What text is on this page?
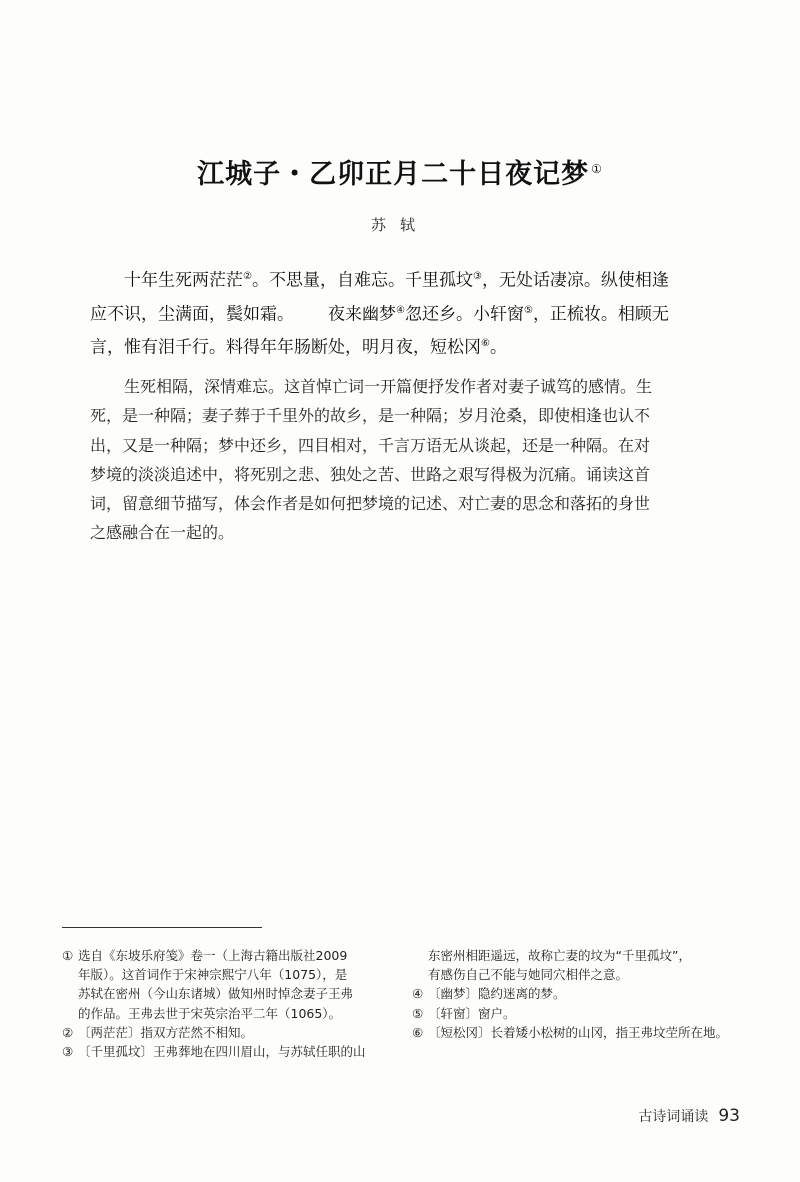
江城子・乙卯正月二十日夜记梦 ①
苏轼
十年生死两茫茫②。不思量，自难忘。千里孤坟③，无处话凄凉。纵使相逢
应不识，尘满面，鬓如霜。 夜来幽梦④忽还乡。小轩窗⑤，正梳妆。相顾无
言，惟有泪千行。料得年年肠断处，明月夜，短松冈⑥。
生死相隔，深情难忘。这首悼亡词一开篇便抒发作者对妻子诚笃的感情。生
死，是一种隔；妻子葬于千里外的故乡，是一种隔；岁月沧桑，即使相逢也认不
出，又是一种隔；梦中还乡，四目相对，千言万语无从谈起，还是一种隔。在对
梦境的淡淡追述中，将死别之悲、独处之苦、世路之艰写得极为沉痛。诵读这首
词，留意细节描写，体会作者是如何把梦境的记述、对亡妻的思念和落拓的身世
之感融合在一起的。
① 选自《东坡乐府笺》卷一（上海古籍出版社2009
年版）。这首词作于宋神宗熙宁八年（1075），是
苏轼在密州（今山东诸城）做知州时悼念妻子王弗
的作品。王弗去世于宋英宗治平二年（1065）。
② 〔两茫茫〕指双方茫然不相知。
③ 〔千里孤坟〕王弗葬地在四川眉山，与苏轼任职的山
东密州相距遥远，故称亡妻的坟为“千里孤坟”，
有感伤自己不能与她同穴相伴之意。
④ 〔幽梦〕隐约迷离的梦。
⑤ 〔轩窗〕窗户。
⑥ 〔短松冈〕长着矮小松树的山冈，指王弗坟茔所在地。
古诗词诵读 93
